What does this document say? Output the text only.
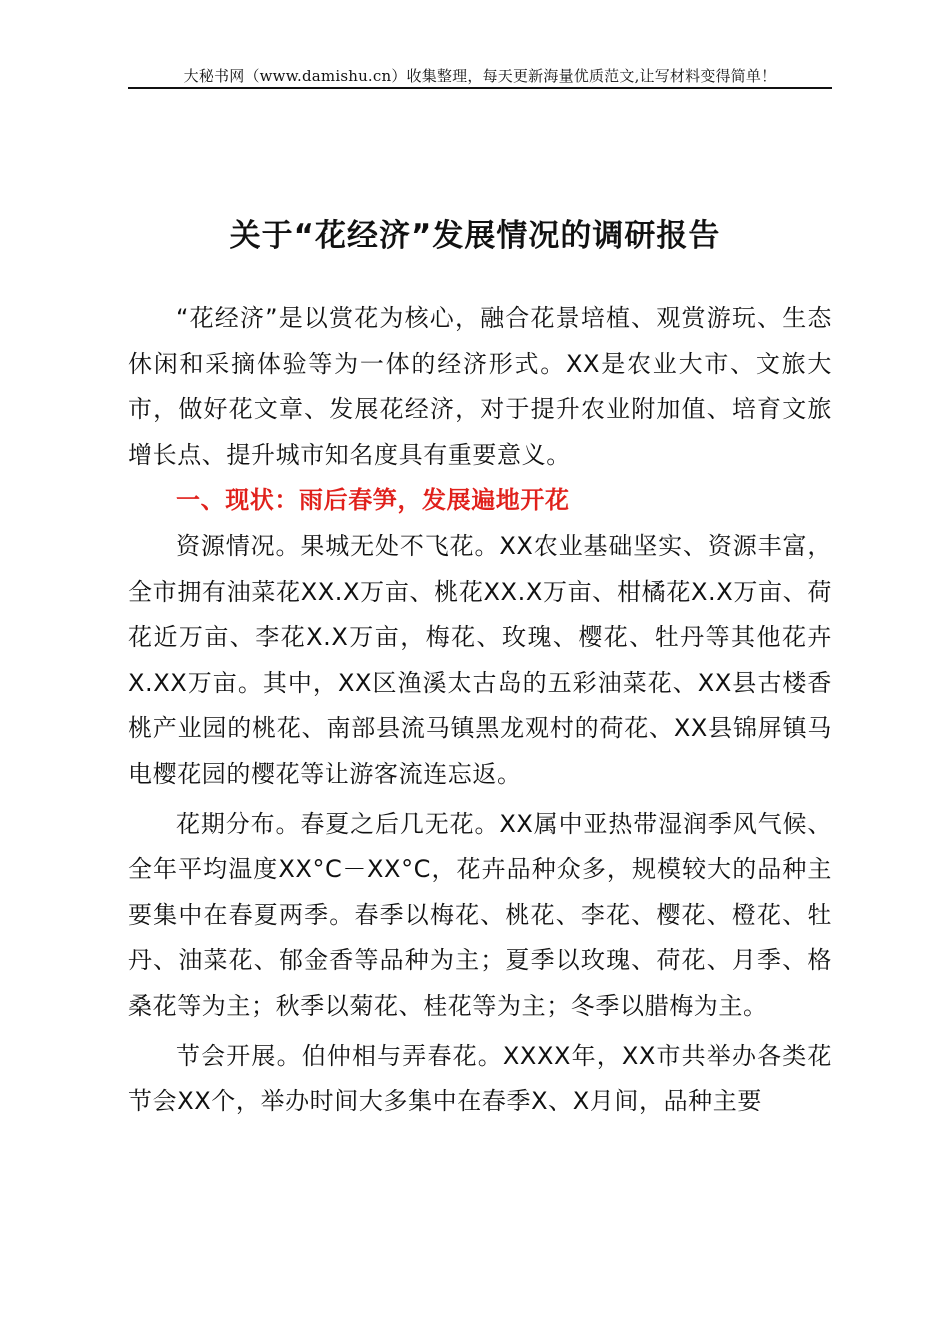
大秘书网（www.damishu.cn）收集整理，每天更新海量优质范文,让写材料变得简单！
关于“花经济”发展情况的调研报告

“花经济”是以赏花为核心，融合花景培植、观赏游玩、生态休闲和采摘体验等为一体的经济形式。XX是农业大市、文旅大市，做好花文章、发展花经济，对于提升农业附加值、培育文旅增长点、提升城市知名度具有重要意义。

一、现状：雨后春笋，发展遍地开花

资源情况。果城无处不飞花。XX农业基础坚实、资源丰富，全市拥有油菜花XX.X万亩、桃花XX.X万亩、柑橘花X.X万亩、荷花近万亩、李花X.X万亩，梅花、玫瑰、樱花、牡丹等其他花卉X.XX万亩。其中，XX区渔溪太古岛的五彩油菜花、XX县古楼香桃产业园的桃花、南部县流马镇黑龙观村的荷花、XX县锦屏镇马电樱花园的樱花等让游客流连忘返。

花期分布。春夏之后几无花。XX属中亚热带湿润季风气候、全年平均温度XX°C－XX°C，花卉品种众多，规模较大的品种主要集中在春夏两季。春季以梅花、桃花、李花、樱花、橙花、牡丹、油菜花、郁金香等品种为主；夏季以玫瑰、荷花、月季、格桑花等为主；秋季以菊花、桂花等为主；冬季以腊梅为主。

节会开展。伯仲相与弄春花。XXXX年，XX市共举办各类花节会XX个，举办时间大多集中在春季X、X月间，品种主要
